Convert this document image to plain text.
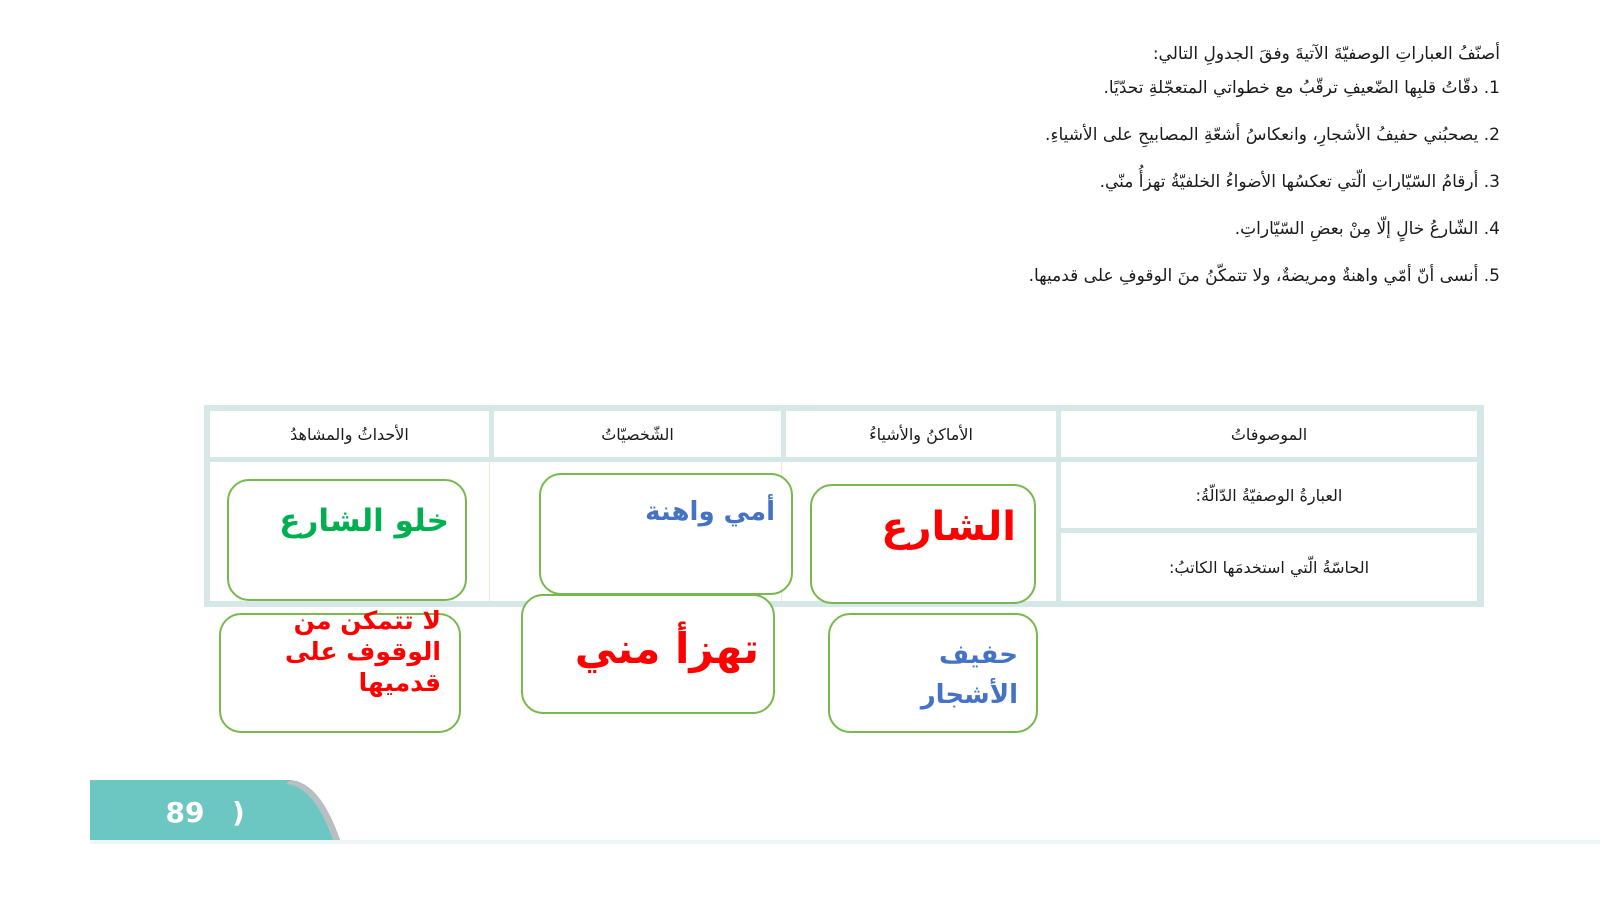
أصنّفُ العباراتِ الوصفيّةَ الآتيةَ وفقَ الجدولِ التالي:
1. دقّاتُ قلبِها الضّعيفِ ترقّبُ مع خطواتي المتعجّلةِ تحدّيًا.
2. يصحبُني حفيفُ الأشجارِ، وانعكاسُ أشعّةِ المصابيحِ على الأشياءِ.
3. أرقامُ السّيّاراتِ الّتي تعكسُها الأضواءُ الخلفيّةُ تهزأُ منّي.
4. الشّارعُ خالٍ إلّا مِنْ بعضِ السّيّاراتِ.
5. أنسى أنّ أمّي واهنةٌ ومريضةٌ، ولا تتمكّنُ منَ الوقوفِ على قدميها.
الموصوفاتُ
الأماكنُ والأشياءُ
الشّخصيّاتُ
الأحداثُ والمشاهدُ
العبارةُ الوصفيّةُ الدّالّةُ:
الحاسّةُ الّتي استخدمَها الكاتبُ:
الشارع
أمي واهنة
خلو الشارع
حفيف
الأشجار
تهزأ مني
لا تتمكن من
الوقوف على
قدميها
89 )
